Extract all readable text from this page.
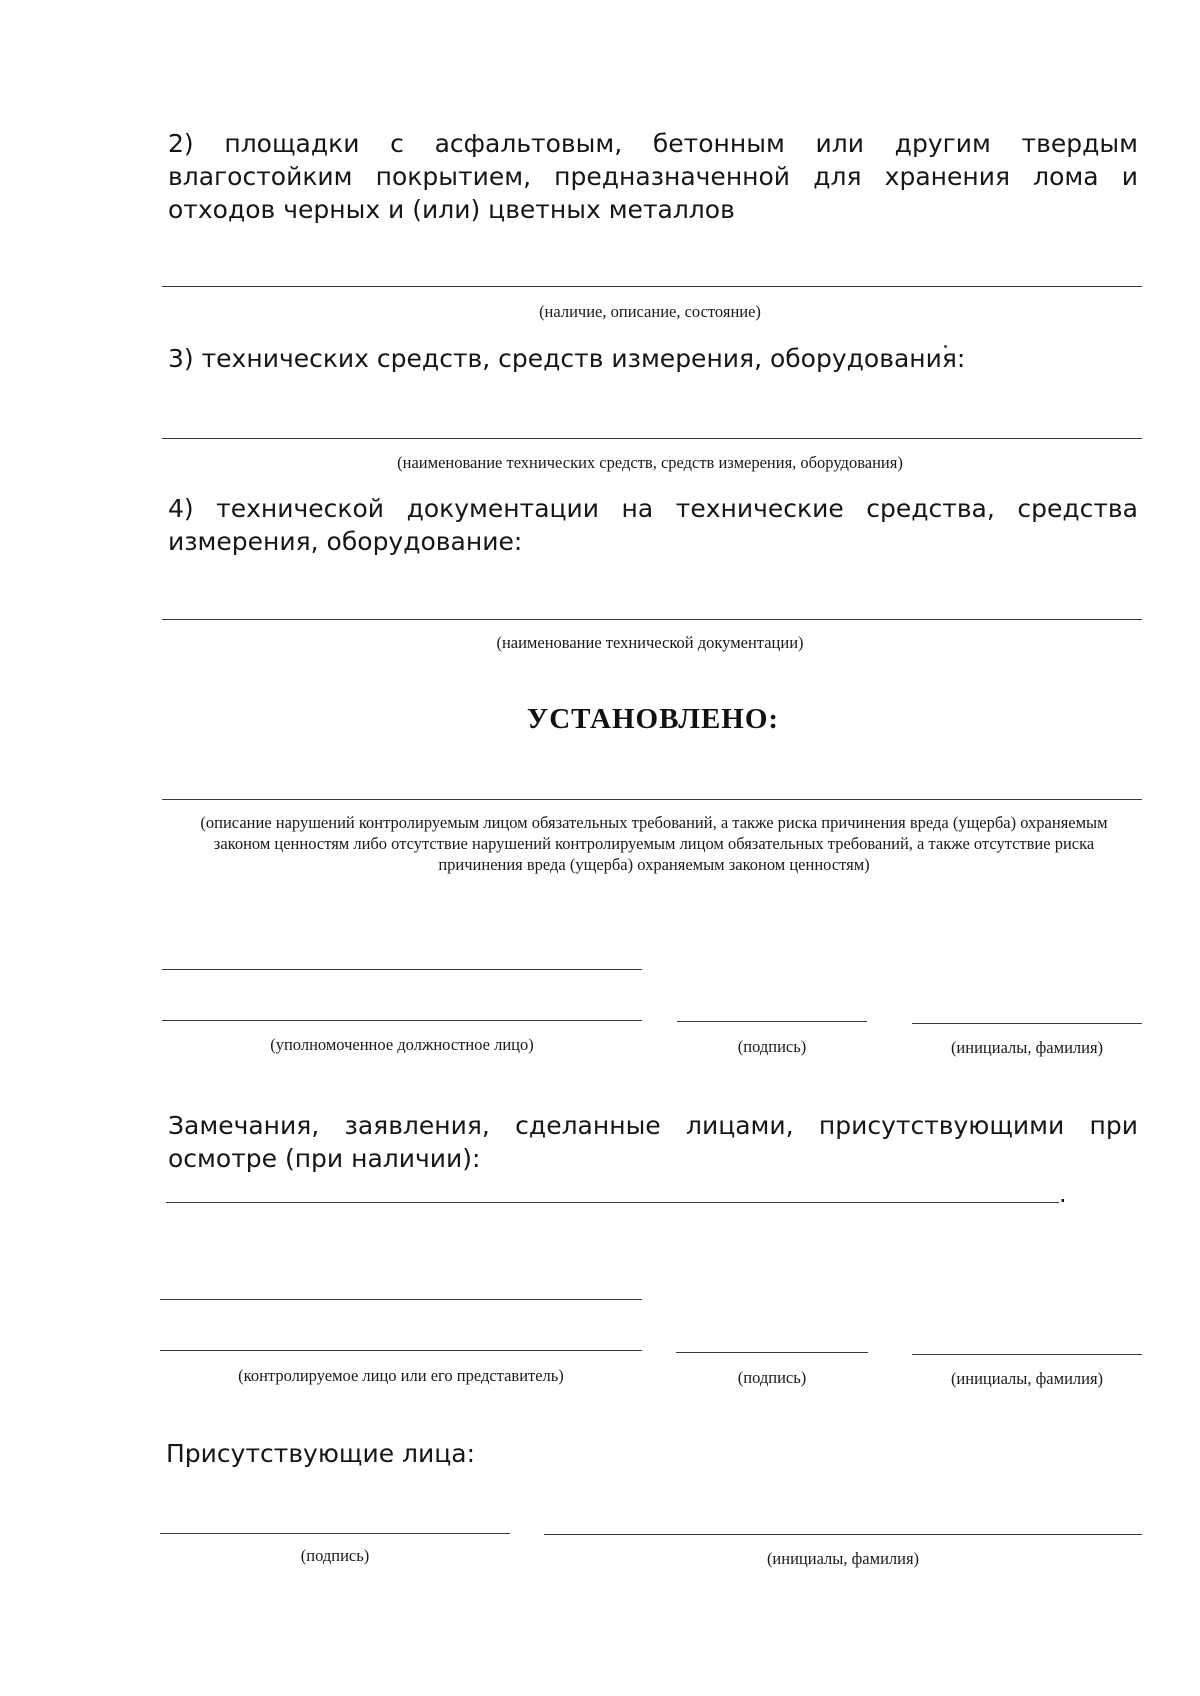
2) площадки с асфальтовым, бетонным или другим твердым влагостойким покрытием, предназначенной для хранения лома и отходов черных и (или) цветных металлов
(наличие, описание, состояние)
3) технических средств, средств измерения, оборудования:
(наименование технических средств, средств измерения, оборудования)
4) технической документации на технические средства, средства измерения, оборудование:
(наименование технической документации)
УСТАНОВЛЕНО:
(описание нарушений контролируемым лицом обязательных требований, а также риска причинения вреда (ущерба) охраняемым законом ценностям либо отсутствие нарушений контролируемым лицом обязательных требований, а также отсутствие риска причинения вреда (ущерба) охраняемым законом ценностям)
(уполномоченное должностное лицо)	(подпись)	(инициалы, фамилия)
Замечания, заявления, сделанные лицами, присутствующими при осмотре (при наличии):
.
(контролируемое лицо или его представитель)	(подпись)	(инициалы, фамилия)
Присутствующие лица:
(подпись)	(инициалы, фамилия)
